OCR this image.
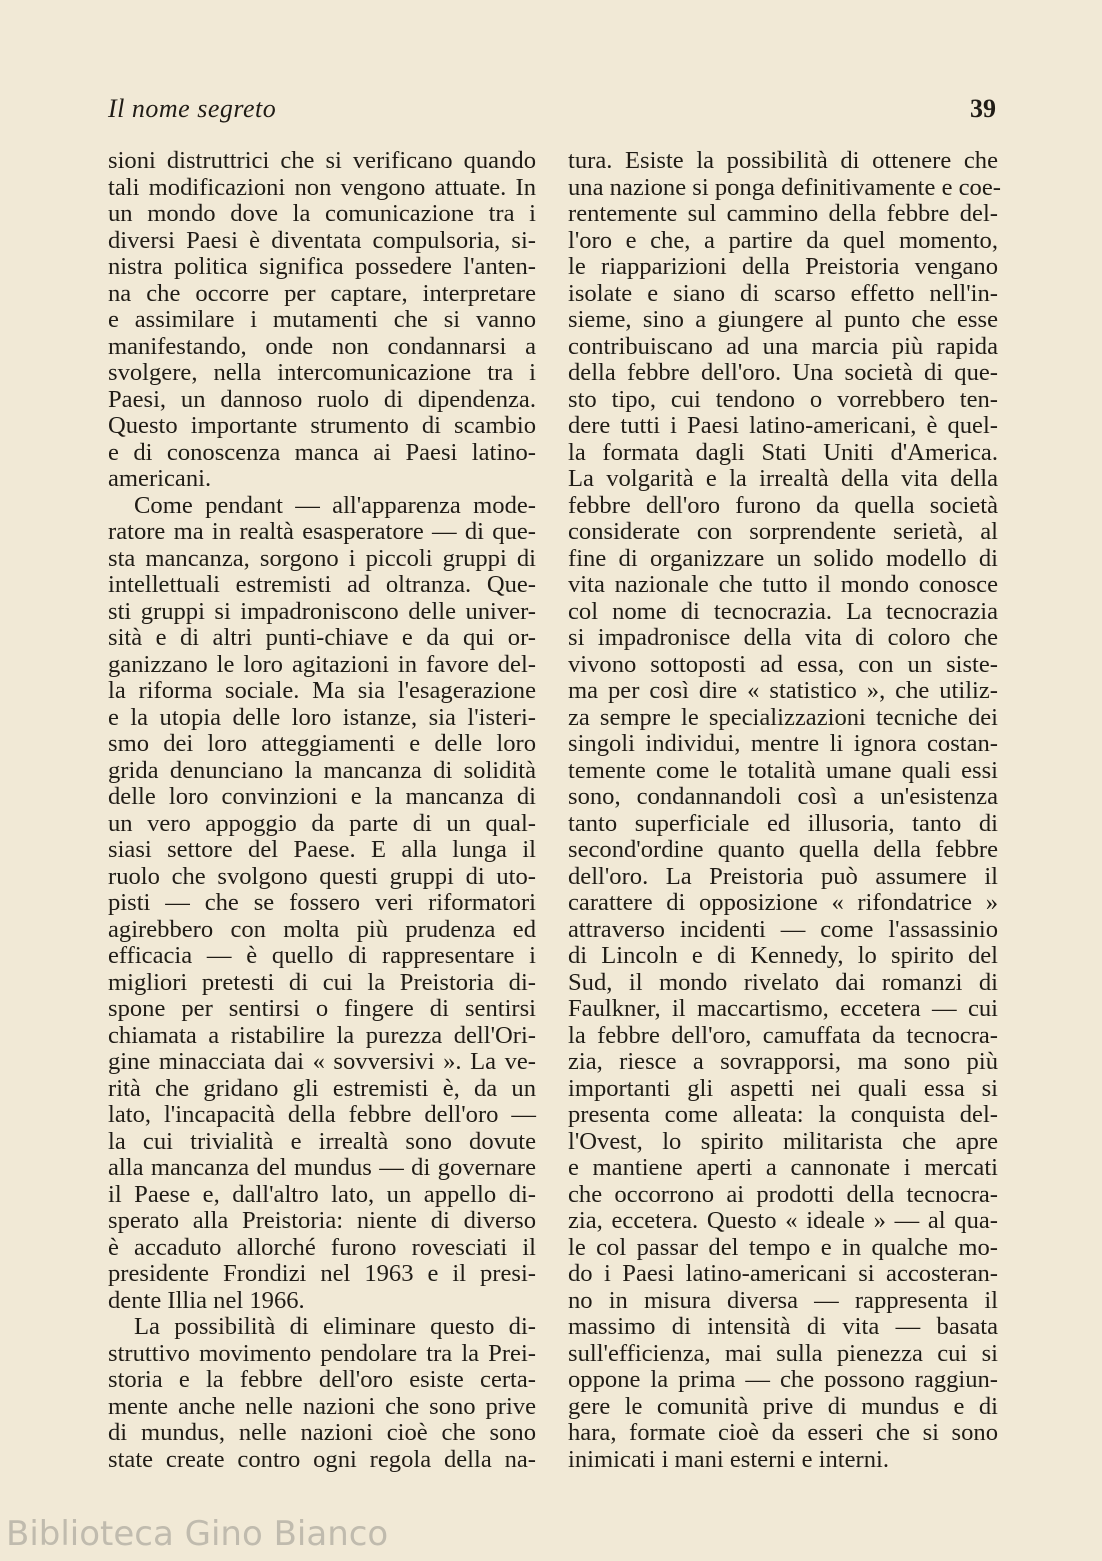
Il nome segreto	39
sioni distruttrici che si verificano quando
tali modificazioni non vengono attuate. In
un mondo dove la comunicazione tra i
diversi Paesi è diventata compulsoria, si-
nistra politica significa possedere l'anten-
na che occorre per captare, interpretare
e assimilare i mutamenti che si vanno
manifestando, onde non condannarsi a
svolgere, nella intercomunicazione tra i
Paesi, un dannoso ruolo di dipendenza.
Questo importante strumento di scambio
e di conoscenza manca ai Paesi latino-
americani.
Come pendant — all'apparenza mode-
ratore ma in realtà esasperatore — di que-
sta mancanza, sorgono i piccoli gruppi di
intellettuali estremisti ad oltranza. Que-
sti gruppi si impadroniscono delle univer-
sità e di altri punti-chiave e da qui or-
ganizzano le loro agitazioni in favore del-
la riforma sociale. Ma sia l'esagerazione
e la utopia delle loro istanze, sia l'isteri-
smo dei loro atteggiamenti e delle loro
grida denunciano la mancanza di solidità
delle loro convinzioni e la mancanza di
un vero appoggio da parte di un qual-
siasi settore del Paese. E alla lunga il
ruolo che svolgono questi gruppi di uto-
pisti — che se fossero veri riformatori
agirebbero con molta più prudenza ed
efficacia — è quello di rappresentare i
migliori pretesti di cui la Preistoria di-
spone per sentirsi o fingere di sentirsi
chiamata a ristabilire la purezza dell'Ori-
gine minacciata dai « sovversivi ». La ve-
rità che gridano gli estremisti è, da un
lato, l'incapacità della febbre dell'oro —
la cui trivialità e irrealtà sono dovute
alla mancanza del mundus — di governare
il Paese e, dall'altro lato, un appello di-
sperato alla Preistoria: niente di diverso
è accaduto allorché furono rovesciati il
presidente Frondizi nel 1963 e il presi-
dente Illia nel 1966.
La possibilità di eliminare questo di-
struttivo movimento pendolare tra la Prei-
storia e la febbre dell'oro esiste certa-
mente anche nelle nazioni che sono prive
di mundus, nelle nazioni cioè che sono
state create contro ogni regola della na-
tura. Esiste la possibilità di ottenere che
una nazione si ponga definitivamente e coe-
rentemente sul cammino della febbre del-
l'oro e che, a partire da quel momento,
le riapparizioni della Preistoria vengano
isolate e siano di scarso effetto nell'in-
sieme, sino a giungere al punto che esse
contribuiscano ad una marcia più rapida
della febbre dell'oro. Una società di que-
sto tipo, cui tendono o vorrebbero ten-
dere tutti i Paesi latino-americani, è quel-
la formata dagli Stati Uniti d'America.
La volgarità e la irrealtà della vita della
febbre dell'oro furono da quella società
considerate con sorprendente serietà, al
fine di organizzare un solido modello di
vita nazionale che tutto il mondo conosce
col nome di tecnocrazia. La tecnocrazia
si impadronisce della vita di coloro che
vivono sottoposti ad essa, con un siste-
ma per così dire « statistico », che utiliz-
za sempre le specializzazioni tecniche dei
singoli individui, mentre li ignora costan-
temente come le totalità umane quali essi
sono, condannandoli così a un'esistenza
tanto superficiale ed illusoria, tanto di
second'ordine quanto quella della febbre
dell'oro. La Preistoria può assumere il
carattere di opposizione « rifondatrice »
attraverso incidenti — come l'assassinio
di Lincoln e di Kennedy, lo spirito del
Sud, il mondo rivelato dai romanzi di
Faulkner, il maccartismo, eccetera — cui
la febbre dell'oro, camuffata da tecnocra-
zia, riesce a sovrapporsi, ma sono più
importanti gli aspetti nei quali essa si
presenta come alleata: la conquista del-
l'Ovest, lo spirito militarista che apre
e mantiene aperti a cannonate i mercati
che occorrono ai prodotti della tecnocra-
zia, eccetera. Questo « ideale » — al qua-
le col passar del tempo e in qualche mo-
do i Paesi latino-americani si accosteran-
no in misura diversa — rappresenta il
massimo di intensità di vita — basata
sull'efficienza, mai sulla pienezza cui si
oppone la prima — che possono raggiun-
gere le comunità prive di mundus e di
hara, formate cioè da esseri che si sono
inimicati i mani esterni e interni.
Biblioteca Gino Bianco
